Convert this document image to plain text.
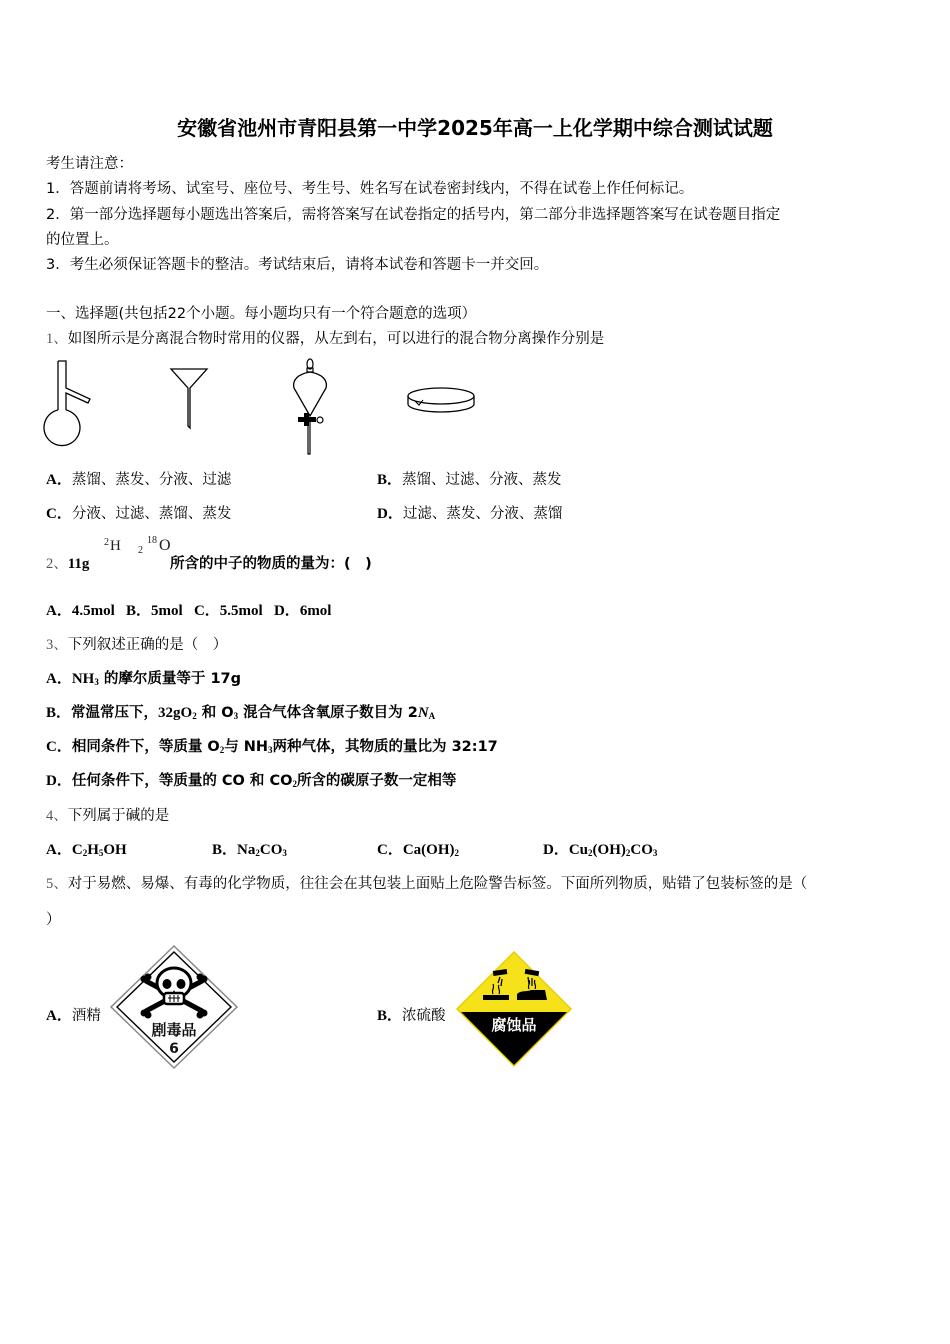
安徽省池州市青阳县第一中学2025年高一上化学期中综合测试试题
考生请注意：
1．答题前请将考场、试室号、座位号、考生号、姓名写在试卷密封线内，不得在试卷上作任何标记。
2．第一部分选择题每小题选出答案后，需将答案写在试卷指定的括号内，第二部分非选择题答案写在试卷题目指定
的位置上。
3．考生必须保证答题卡的整洁。考试结束后，请将本试卷和答题卡一并交回。
一、选择题(共包括22个小题。每小题均只有一个符合题意的选项）
1、如图所示是分离混合物时常用的仪器，从左到右，可以进行的混合物分离操作分别是
A．蒸馏、蒸发、分液、过滤	B．蒸馏、过滤、分液、蒸发
C．分液、过滤、蒸馏、蒸发	D．过滤、蒸发、分液、蒸馏
2、11g
2 H 2
18 O
所含的中子的物质的量为：(　)
A．4.5mol B．5mol C．5.5mol D．6mol
3、下列叙述正确的是（　）
A．$NH_3$ 的摩尔质量等于 17g
B．常温常压下，$32gO_2$ 和 $O_3$ 混合气体含氧原子数目为 $2N_A$
C．相同条件下，等质量 $O_2$与 $NH_3$两种气体，其物质的量比为 32:17
D．任何条件下，等质量的 CO 和 $CO_2$所含的碳原子数一定相等
4、下列属于碱的是
A．$C_2H_5OH$	B．$Na_2CO_3$	C．$Ca(OH)_2$	D．$Cu_2(OH)_2CO_3$
5、对于易燃、易爆、有毒的化学物质，往往会在其包装上面贴上危险警告标签。下面所列物质，贴错了包装标签的是（
）
A．酒精
剧毒品
6
B．浓硫酸	腐蚀品
